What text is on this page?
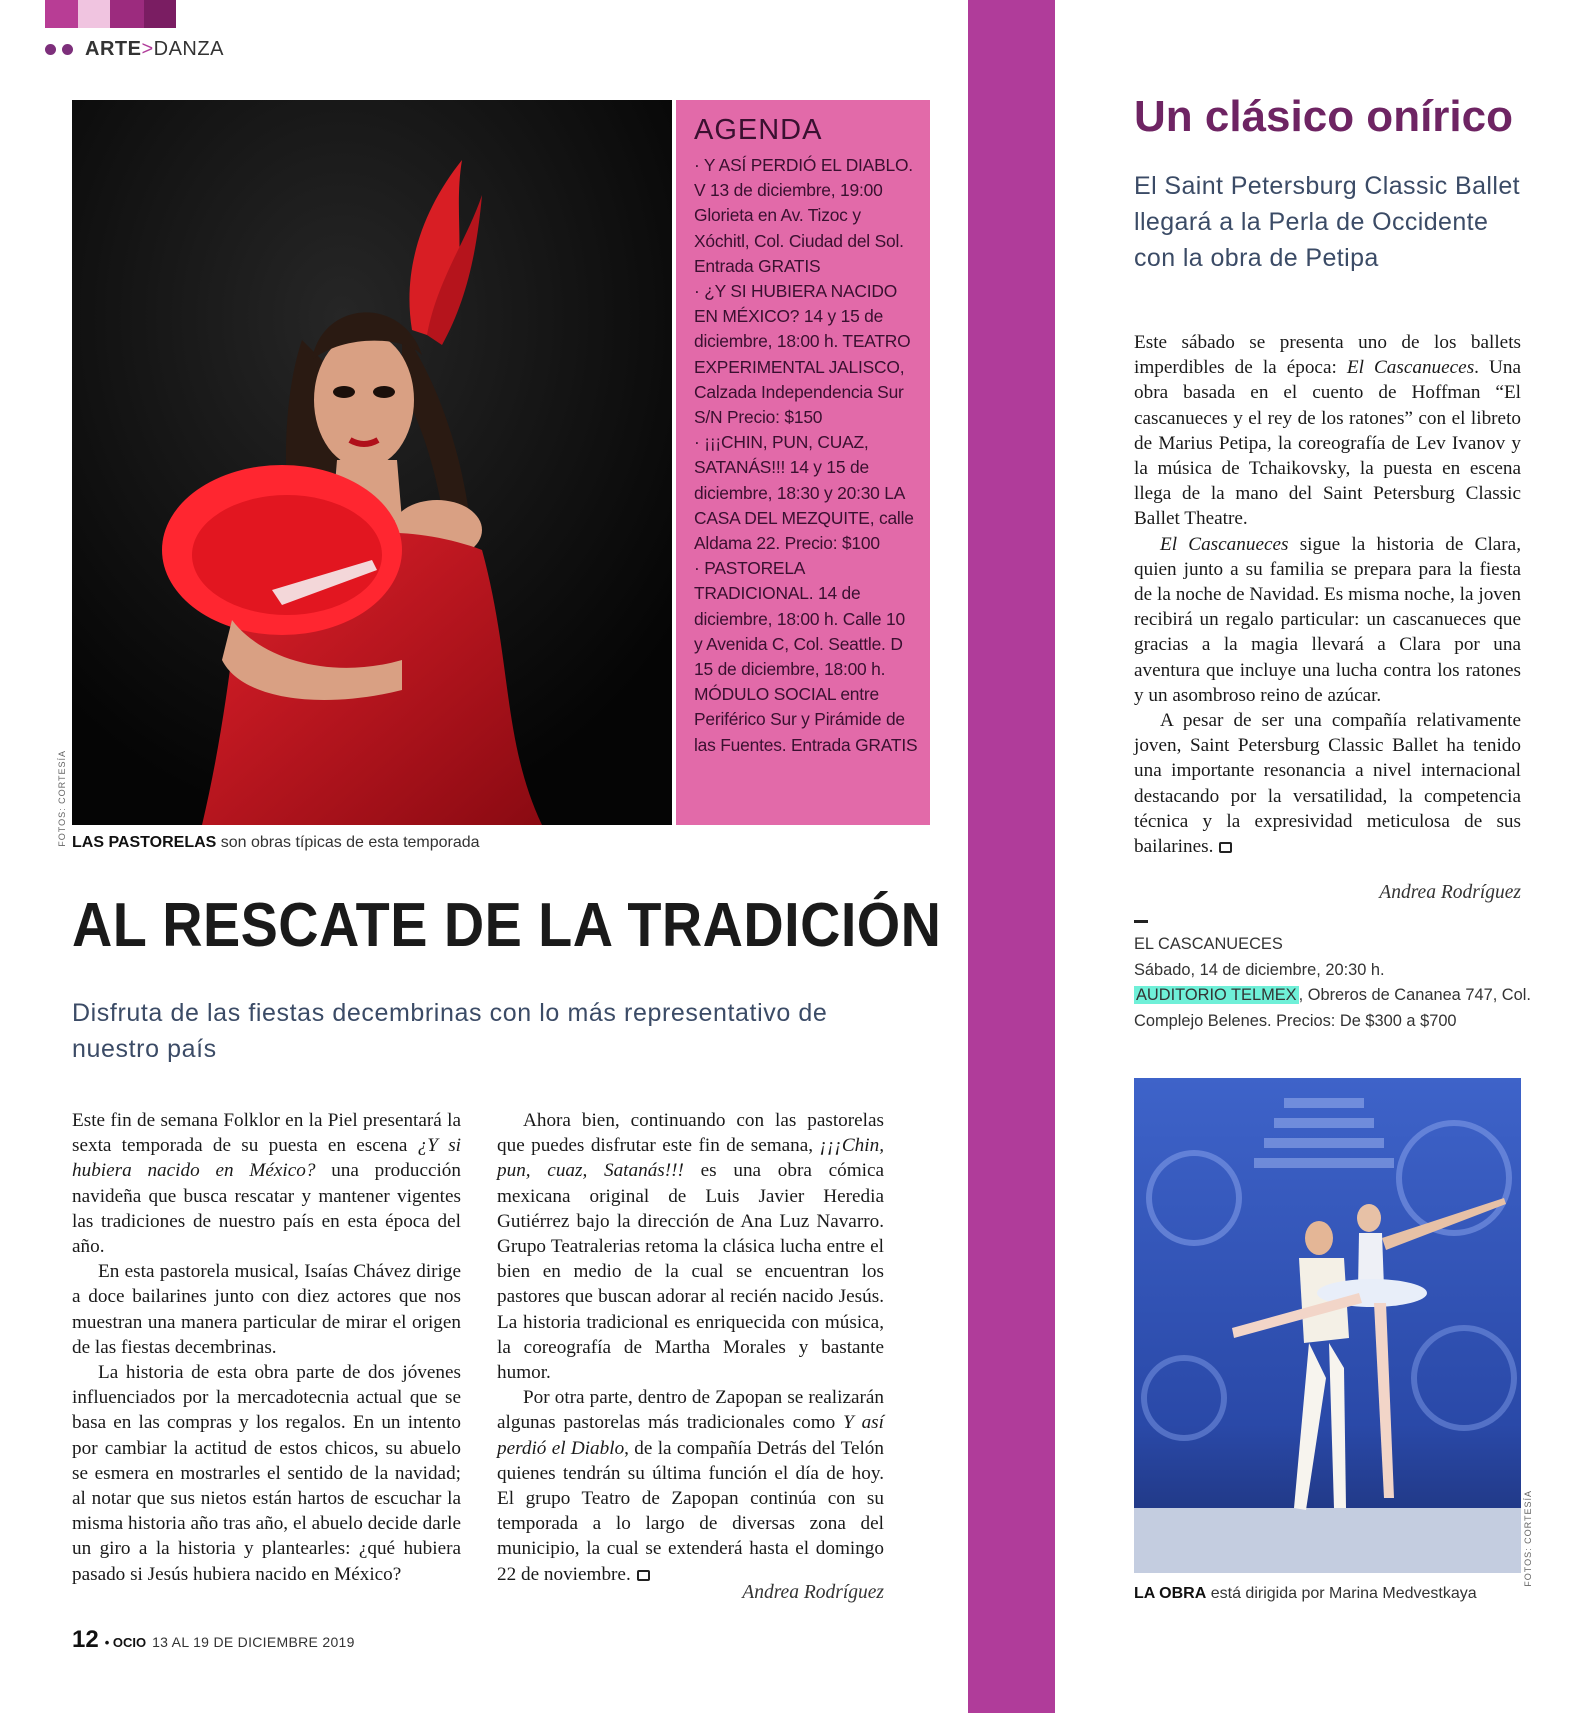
ARTE>DANZA
FOTOS: CORTESÍA
AGENDA

· Y ASÍ PERDIÓ EL DIABLO. V 13 de diciembre, 19:00 Glorieta en Av. Tizoc y Xóchitl, Col. Ciudad del Sol. Entrada GRATIS

· ¿Y SI HUBIERA NACIDO EN MÉXICO? 14 y 15 de diciembre, 18:00 h. TEATRO EXPERIMENTAL JALISCO, Calzada Independencia Sur S/N Precio: $150

· ¡¡¡CHIN, PUN, CUAZ, SATANÁS!!! 14 y 15 de diciembre, 18:30 y 20:30 LA CASA DEL MEZQUITE, calle Aldama 22. Precio: $100

· PASTORELA TRADICIONAL. 14 de diciembre, 18:00 h. Calle 10 y Avenida C, Col. Seattle. D 15 de diciembre, 18:00 h. MÓDULO SOCIAL entre Periférico Sur y Pirámide de las Fuentes. Entrada GRATIS

LAS PASTORELAS son obras típicas de esta temporada
AL RESCATE DE LA TRADICIÓN
Disfruta de las fiestas decembrinas con lo más representativo de nuestro país

Este fin de semana Folklor en la Piel presentará la sexta temporada de su puesta en escena ¿Y si hubiera nacido en México? una producción navideña que busca rescatar y mantener vigentes las tradiciones de nuestro país en esta época del año.

En esta pastorela musical, Isaías Chávez dirige a doce bailarines junto con diez actores que nos muestran una manera particular de mirar el origen de las fiestas decembrinas.

La historia de esta obra parte de dos jóvenes influenciados por la mercadotecnia actual que se basa en las compras y los regalos. En un intento por cambiar la actitud de estos chicos, su abuelo se esmera en mostrarles el sentido de la navidad; al notar que sus nietos están hartos de escuchar la misma historia año tras año, el abuelo decide darle un giro a la historia y plantearles: ¿qué hubiera pasado si Jesús hubiera nacido en México?

Ahora bien, continuando con las pastorelas que puedes disfrutar este fin de semana, ¡¡¡Chin, pun, cuaz, Satanás!!! es una obra cómica mexicana original de Luis Javier Heredia Gutiérrez bajo la dirección de Ana Luz Navarro. Grupo Teatralerias retoma la clásica lucha entre el bien en medio de la cual se encuentran los pastores que buscan adorar al recién nacido Jesús. La historia tradicional es enriquecida con música, la coreografía de Martha Morales y bastante humor.

Por otra parte, dentro de Zapopan se realizarán algunas pastorelas más tradicionales como Y así perdió el Diablo, de la compañía Detrás del Telón quienes tendrán su última función el día de hoy. El grupo Teatro de Zapopan continúa con su temporada a lo largo de diversas zona del municipio, la cual se extenderá hasta el domingo 22 de noviembre.

Andrea Rodríguez
Un clásico onírico
El Saint Petersburg Classic Ballet llegará a la Perla de Occidente con la obra de Petipa

Este sábado se presenta uno de los ballets imperdibles de la época: El Cascanueces. Una obra basada en el cuento de Hoffman “El cascanueces y el rey de los ratones” con el libreto de Marius Petipa, la coreografía de Lev Ivanov y la música de Tchaikovsky, la puesta en escena llega de la mano del Saint Petersburg Classic Ballet Theatre.

El Cascanueces sigue la historia de Clara, quien junto a su familia se prepara para la fiesta de la noche de Navidad. Es misma noche, la joven recibirá un regalo particular: un cascanueces que gracias a la magia llevará a Clara por una aventura que incluye una lucha contra los ratones y un asombroso reino de azúcar.

A pesar de ser una compañía relativamente joven, Saint Petersburg Classic Ballet ha tenido una importante resonancia a nivel internacional destacando por la versatilidad, la competencia técnica y la expresividad meticulosa de sus bailarines.

Andrea Rodríguez

EL CASCANUECES

Sábado, 14 de diciembre, 20:30 h.

AUDITORIO TELMEX , Obreros de Cananea 747, Col.

Complejo Belenes. Precios: De $300 a $700

FOTOS: CORTESÍA
LA OBRA está dirigida por Marina Medvestkaya
12 • OCIO 13 AL 19 DE DICIEMBRE 2019
